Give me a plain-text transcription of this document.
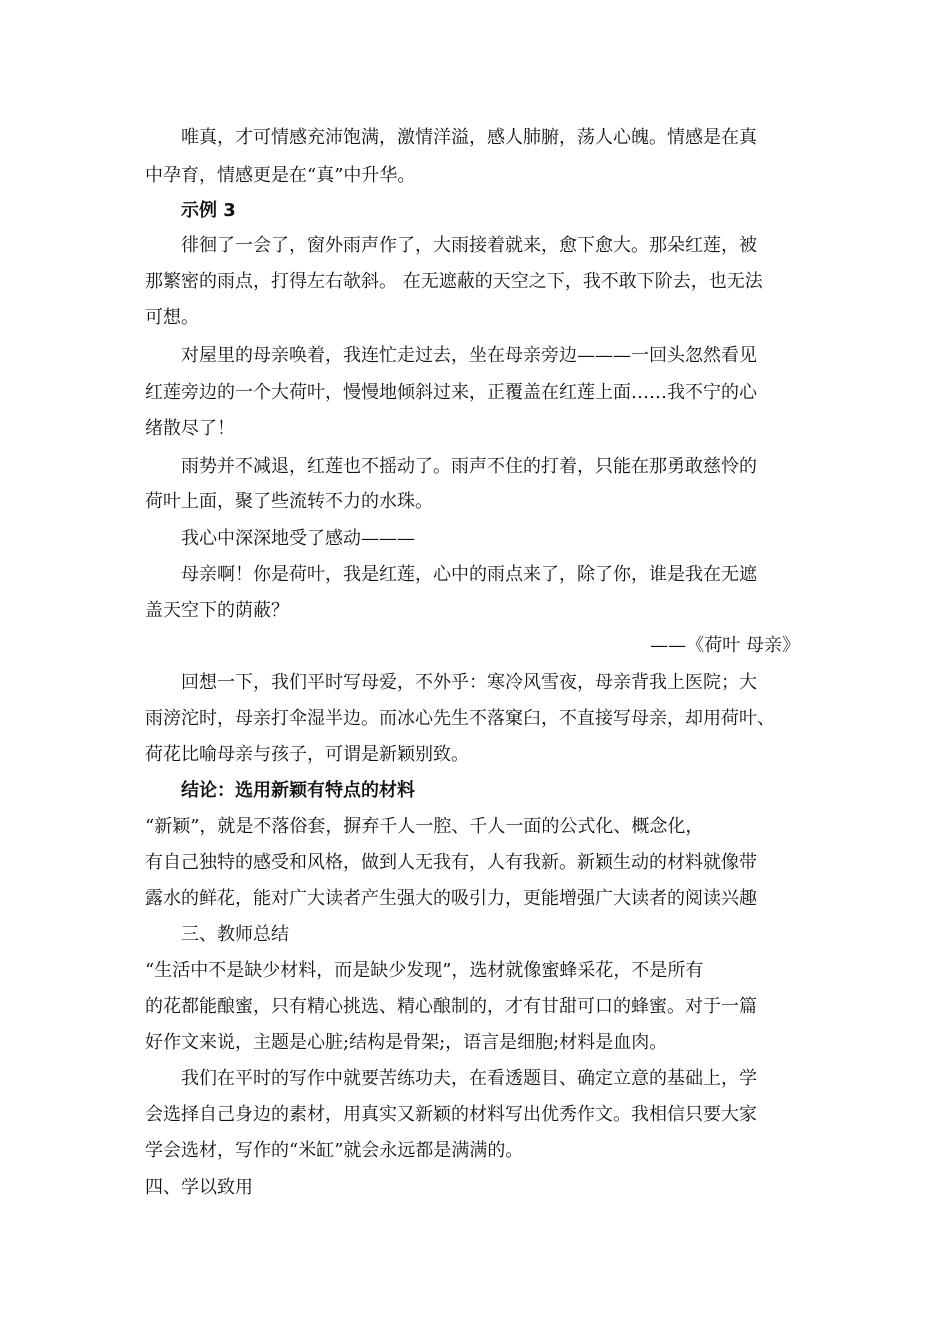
唯真，才可情感充沛饱满，激情洋溢，感人肺腑，荡人心魄。情感是在真
中孕育，情感更是在“真”中升华。
示例 3
徘徊了一会了，窗外雨声作了，大雨接着就来，愈下愈大。那朵红莲，被
那繁密的雨点，打得左右欹斜。 在无遮蔽的天空之下，我不敢下阶去，也无法
可想。
对屋里的母亲唤着，我连忙走过去，坐在母亲旁边———一回头忽然看见
红莲旁边的一个大荷叶，慢慢地倾斜过来，正覆盖在红莲上面……我不宁的心
绪散尽了！
雨势并不减退，红莲也不摇动了。雨声不住的打着，只能在那勇敢慈怜的
荷叶上面，聚了些流转不力的水珠。
我心中深深地受了感动———
母亲啊！你是荷叶，我是红莲，心中的雨点来了，除了你，谁是我在无遮
盖天空下的荫蔽？
——《荷叶 母亲》
回想一下，我们平时写母爱，不外乎：寒冷风雪夜，母亲背我上医院；大
雨滂沱时，母亲打伞湿半边。而冰心先生不落窠臼，不直接写母亲，却用荷叶、
荷花比喻母亲与孩子，可谓是新颖别致。
结论：选用新颖有特点的材料
“新颖”，就是不落俗套，摒弃千人一腔、千人一面的公式化、概念化，
有自己独特的感受和风格，做到人无我有，人有我新。新颖生动的材料就像带
露水的鲜花，能对广大读者产生强大的吸引力，更能增强广大读者的阅读兴趣
三、教师总结
“生活中不是缺少材料，而是缺少发现”，选材就像蜜蜂采花，不是所有
的花都能酿蜜，只有精心挑选、精心酿制的，才有甘甜可口的蜂蜜。对于一篇
好作文来说，主题是心脏;结构是骨架;，语言是细胞;材料是血肉。
我们在平时的写作中就要苦练功夫，在看透题目、确定立意的基础上，学
会选择自己身边的素材，用真实又新颖的材料写出优秀作文。我相信只要大家
学会选材，写作的“米缸”就会永远都是满满的。
四、学以致用
